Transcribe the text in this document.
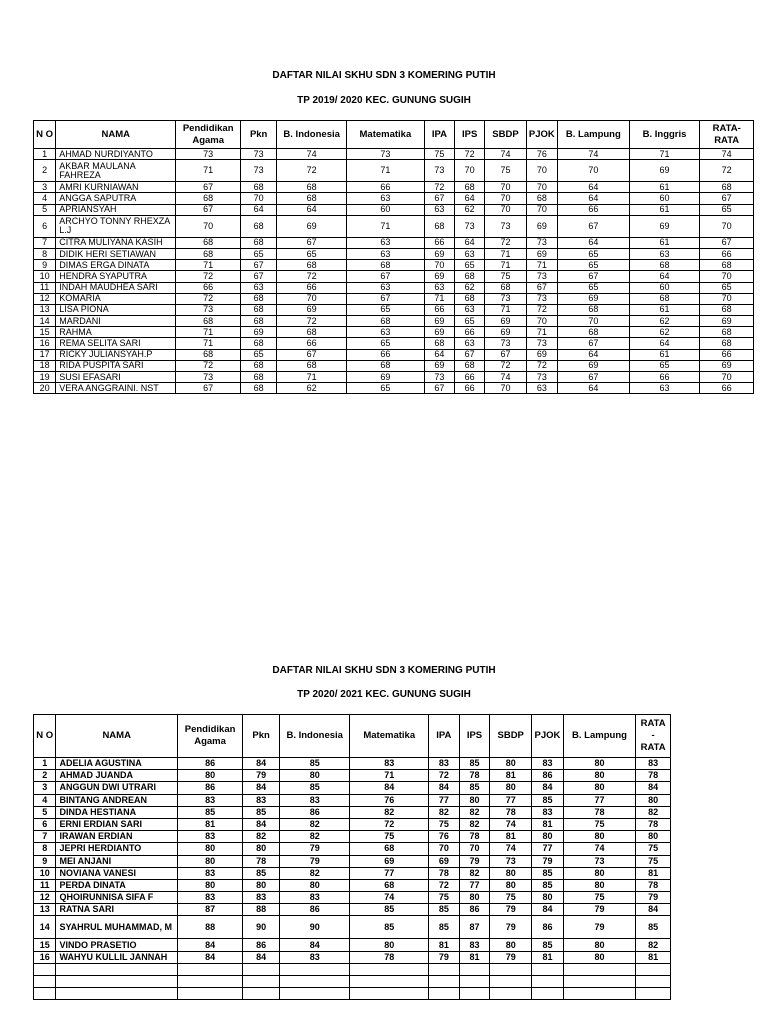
DAFTAR NILAI SKHU SDN 3 KOMERING PUTIH
TP 2019/ 2020 KEC. GUNUNG SUGIH
N O	NAMA	Pendidikan Agama	Pkn	B. Indonesia	Matematika	IPA	IPS	SBDP	PJOK	B. Lampung	B. Inggris	RATA-RATA
1	AHMAD NURDIYANTO	73	73	74	73	75	72	74	76	74	71	74
2	AKBAR MAULANA FAHREZA	71	73	72	71	73	70	75	70	70	69	72
3	AMRI KURNIAWAN	67	68	68	66	72	68	70	70	64	61	68
4	ANGGA SAPUTRA	68	70	68	63	67	64	70	68	64	60	67
5	APRIANSYAH	67	64	64	60	63	62	70	70	66	61	65
6	ARCHYO TONNY RHEXZA L.J	70	68	69	71	68	73	73	69	67	69	70
7	CITRA MULIYANA KASIH	68	68	67	63	66	64	72	73	64	61	67
8	DIDIK HERI SETIAWAN	68	65	65	63	69	63	71	69	65	63	66
9	DIMAS ERGA DINATA	71	67	68	68	70	65	71	71	65	68	68
10	HENDRA SYAPUTRA	72	67	72	67	69	68	75	73	67	64	70
11	INDAH MAUDHEA SARI	66	63	66	63	63	62	68	67	65	60	65
12	KOMARIA	72	68	70	67	71	68	73	73	69	68	70
13	LISA PIONA	73	68	69	65	66	63	71	72	68	61	68
14	MARDANI	68	68	72	68	69	65	69	70	70	62	69
15	RAHMA	71	69	68	63	69	66	69	71	68	62	68
16	REMA SELITA SARI	71	68	66	65	68	63	73	73	67	64	68
17	RICKY JULIANSYAH.P	68	65	67	66	64	67	67	69	64	61	66
18	RIDA PUSPITA SARI	72	68	68	68	69	68	72	72	69	65	69
19	SUSI EFASARI	73	68	71	69	73	66	74	73	67	66	70
20	VERA ANGGRAINI. NST	67	68	62	65	67	66	70	63	64	63	66
DAFTAR NILAI SKHU SDN 3 KOMERING PUTIH
TP 2020/ 2021 KEC. GUNUNG SUGIH
N O	NAMA	Pendidikan Agama	Pkn	B. Indonesia	Matematika	IPA	IPS	SBDP	PJOK	B. Lampung	RATA - RATA
1	ADELIA AGUSTINA	86	84	85	83	83	85	80	83	80	83
2	AHMAD JUANDA	80	79	80	71	72	78	81	86	80	78
3	ANGGUN DWI UTRARI	86	84	85	84	84	85	80	84	80	84
4	BINTANG ANDREAN	83	83	83	76	77	80	77	85	77	80
5	DINDA HESTIANA	85	85	86	82	82	82	78	83	78	82
6	ERNI ERDIAN SARI	81	84	82	72	75	82	74	81	75	78
7	IRAWAN ERDIAN	83	82	82	75	76	78	81	80	80	80
8	JEPRI HERDIANTO	80	80	79	68	70	70	74	77	74	75
9	MEI ANJANI	80	78	79	69	69	79	73	79	73	75
10	NOVIANA VANESI	83	85	82	77	78	82	80	85	80	81
11	PERDA DINATA	80	80	80	68	72	77	80	85	80	78
12	QHOIRUNNISA SIFA F	83	83	83	74	75	80	75	80	75	79
13	RATNA SARI	87	88	86	85	85	86	79	84	79	84
14	SYAHRUL MUHAMMAD, M	88	90	90	85	85	87	79	86	79	85
15	VINDO PRASETIO	84	86	84	80	81	83	80	85	80	82
16	WAHYU KULLIL JANNAH	84	84	83	78	79	81	79	81	80	81
